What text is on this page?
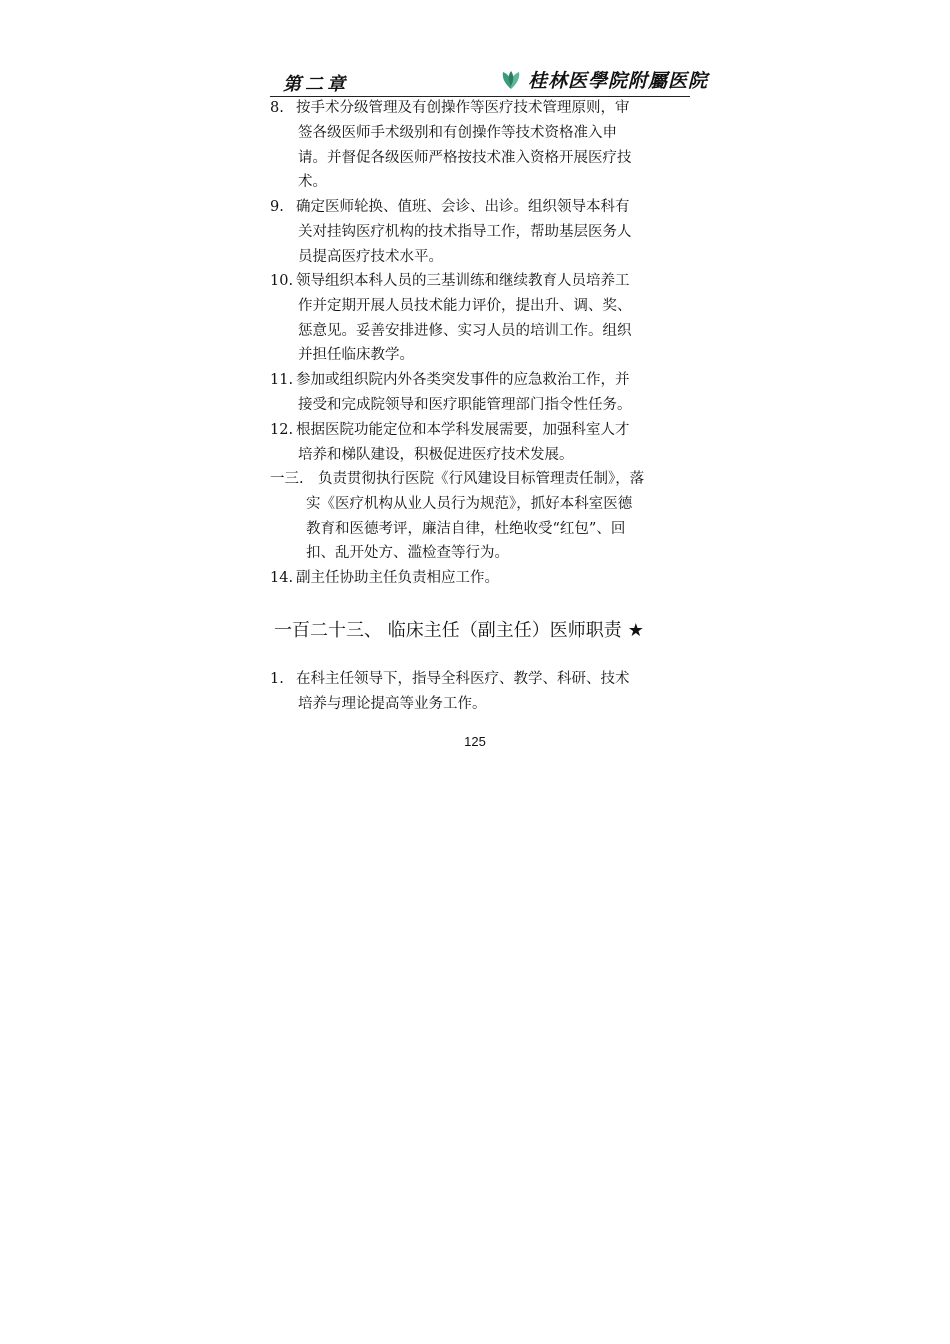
第二章	桂林医學院附屬医院
8. 按手术分级管理及有创操作等医疗技术管理原则，审
签各级医师手术级别和有创操作等技术资格准入申
请。并督促各级医师严格按技术准入资格开展医疗技
术。
9. 确定医师轮换、值班、会诊、出诊。组织领导本科有
关对挂钩医疗机构的技术指导工作，帮助基层医务人
员提高医疗技术水平。
10. 领导组织本科人员的三基训练和继续教育人员培养工
作并定期开展人员技术能力评价，提出升、调、奖、
惩意见。妥善安排进修、实习人员的培训工作。组织
并担任临床教学。
11. 参加或组织院内外各类突发事件的应急救治工作，并
接受和完成院领导和医疗职能管理部门指令性任务。
12. 根据医院功能定位和本学科发展需要，加强科室人才
培养和梯队建设，积极促进医疗技术发展。
一三. 负责贯彻执行医院《行风建设目标管理责任制》，落
实《医疗机构从业人员行为规范》，抓好本科室医德
教育和医德考评，廉洁自律，杜绝收受“红包”、回
扣、乱开处方、滥检查等行为。
14. 副主任协助主任负责相应工作。
一百二十三、 临床主任（副主任）医师职责 ★
1. 在科主任领导下，指导全科医疗、教学、科研、技术
培养与理论提高等业务工作。
125
